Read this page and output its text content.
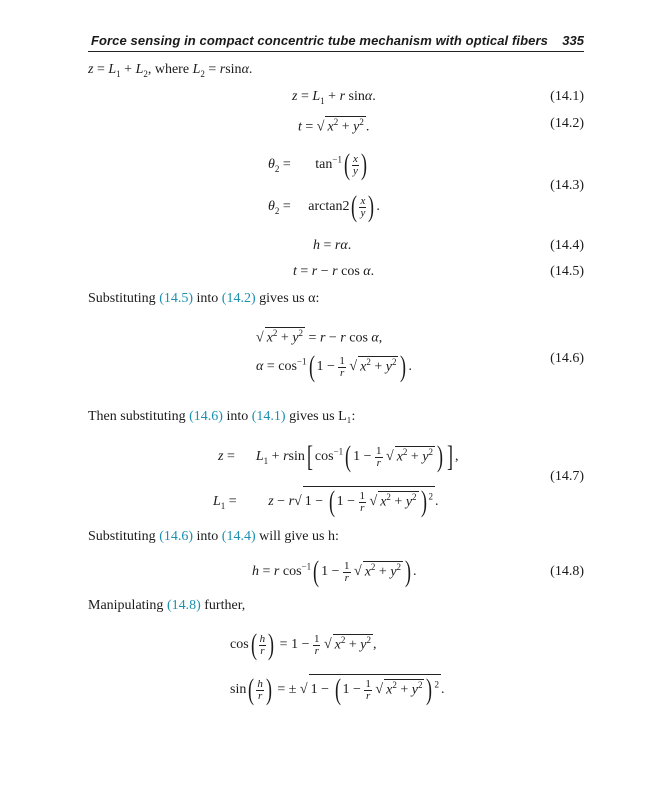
Force sensing in compact concentric tube mechanism with optical fibers 335
$z = L_1 + L_2$, where $L_2 = rsin\alpha$.
$z = L_1 + r$ sinα.	(14.1)
t = √ $x^2 + y^2$ .	(14.2)
$\theta_2$ =       $\tan^{-1}( \frac{x}{y}$ )
$\theta_2$ =     $\arctan 2( \frac{x}{y}$ ) .
(14.3)
h = rα.	(14.4)
t = r − r cos α.	(14.5)
Substituting (14.5) into (14.2) gives us α:
√ $x^2 + y^2 = r - r$ cos α,
$\alpha = \cos^{-1}$( $1 - \frac{1}{r}$ √ $x^2 + y^2$ ) .
(14.6)
Then substituting (14.6) into (14.1) gives us L₁:
z =      $L_1 + rsin$[ $\cos^{-1}$( $1 - \frac{1}{r}$ √ $x^2 + y^2$ ) ] ,
$L_1$ =         z − r√ 1 − ( $1 - \frac{1}{r}$ √ $x^2 + y^2$ ) $^2$ .
(14.7)
Substituting (14.6) into (14.4) will give us h:
h = r $\cos^{-1}$( $1 - \frac{1}{r}$ √ $x^2 + y^2$ ) .	(14.8)
Manipulating (14.8) further,
$\cos( \frac{h}{r}$ ) = $1 - \frac{1}{r}$ √ $x^2 + y^2$ ,
$\sin( \frac{h}{r}$ ) = ± √ 1 − ( $1 - \frac{1}{r}$ √ $x^2 + y^2$ ) $^2$ .
